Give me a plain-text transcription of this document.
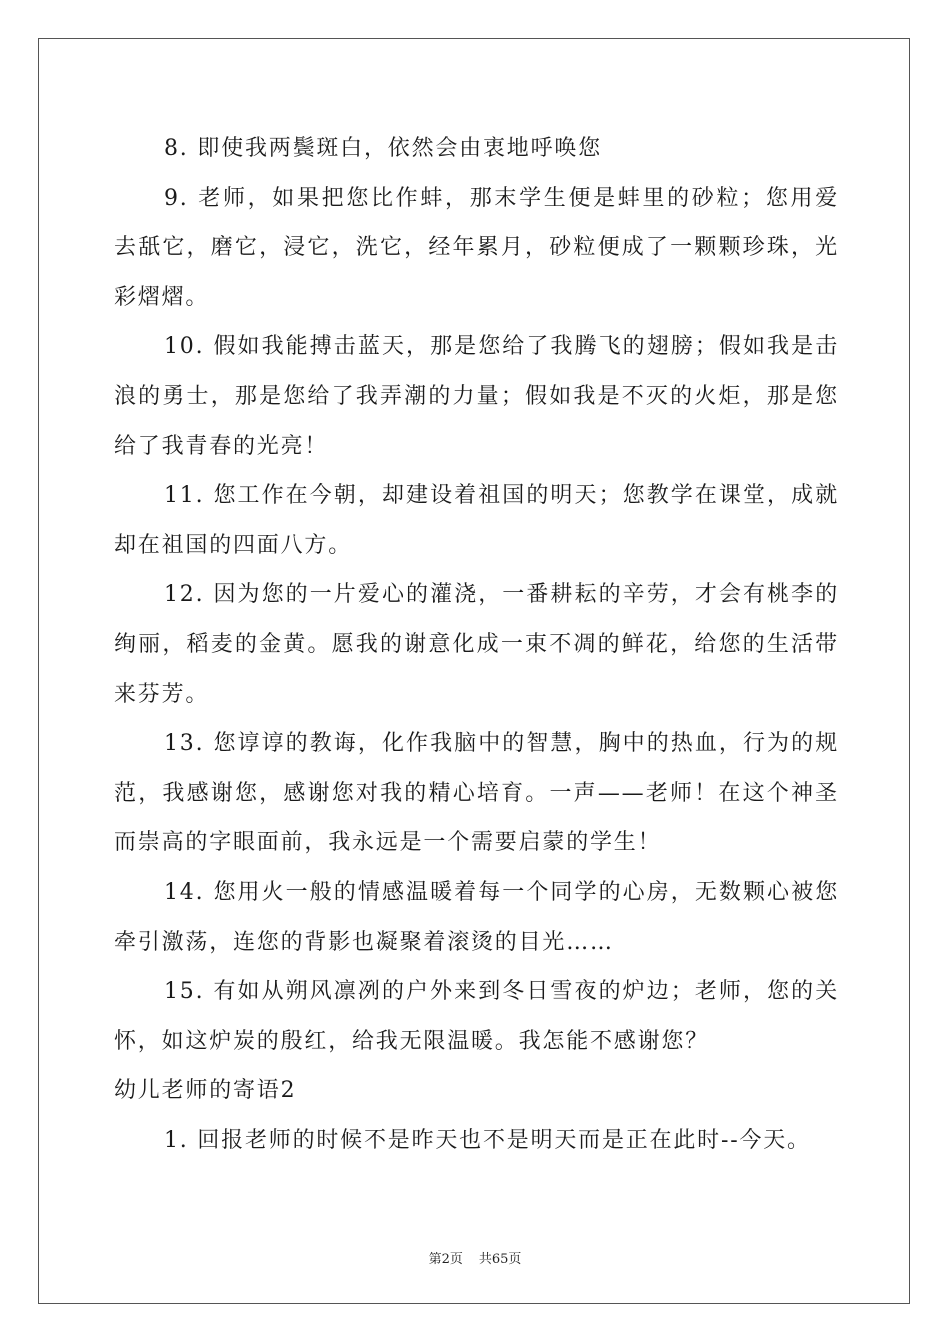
8. 即使我两鬓斑白，依然会由衷地呼唤您

9. 老师，如果把您比作蚌，那末学生便是蚌里的砂粒；您用爱去舐它，磨它，浸它，洗它，经年累月，砂粒便成了一颗颗珍珠，光彩熠熠。

10. 假如我能搏击蓝天，那是您给了我腾飞的翅膀；假如我是击浪的勇士，那是您给了我弄潮的力量；假如我是不灭的火炬，那是您给了我青春的光亮！

11. 您工作在今朝，却建设着祖国的明天；您教学在课堂，成就却在祖国的四面八方。

12. 因为您的一片爱心的灌浇，一番耕耘的辛劳，才会有桃李的绚丽，稻麦的金黄。愿我的谢意化成一束不凋的鲜花，给您的生活带来芬芳。

13. 您谆谆的教诲，化作我脑中的智慧，胸中的热血，行为的规范，我感谢您，感谢您对我的精心培育。一声——老师！在这个神圣而崇高的字眼面前，我永远是一个需要启蒙的学生！

14. 您用火一般的情感温暖着每一个同学的心房，无数颗心被您牵引激荡，连您的背影也凝聚着滚烫的目光……

15. 有如从朔风凛冽的户外来到冬日雪夜的炉边；老师，您的关怀，如这炉炭的殷红，给我无限温暖。我怎能不感谢您？

幼儿老师的寄语2

1. 回报老师的时候不是昨天也不是明天而是正在此时--今天。

第2页 共65页
